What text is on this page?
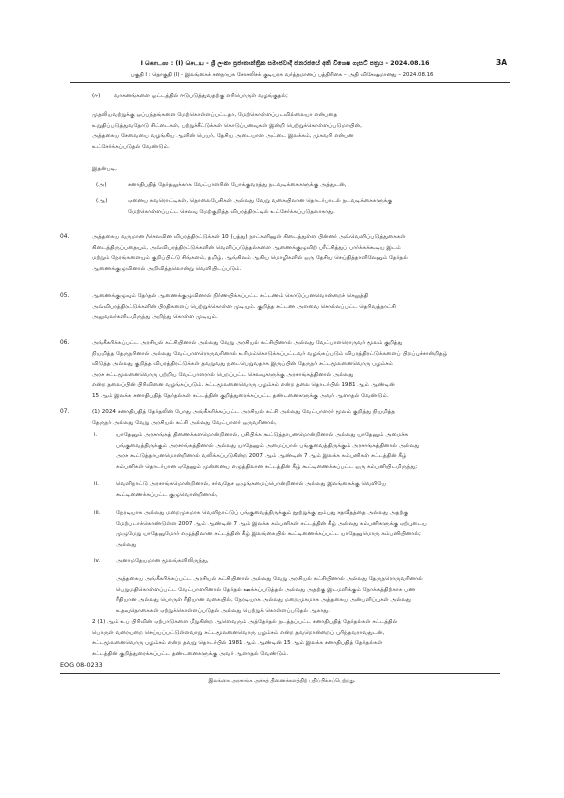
I கொடஸ : (I) செடய - ශ්‍රී ලංකා ප්‍රජාතාන්ත්‍රික සමාජවාදී ජනරජයේ අති විශෙෂ ගැසට් පත්‍රය - 2024.08.16	3A
பகுதி I : தொகுதி (I) - இலங்கைச் சனநாயக சோசலிசக் குடியரசு வர்த்தமானப் பத்திரிகை – அதி விசேஷமானது – 2024.08.16
(ஈ) வாகனங்களை ஓட்டத்தில் ஈடுபடுத்துவதற்கு எரிபொருள் வழங்குதல்;
முதலியவற்றுக்கு ஒப்பந்தங்களை மேற்கொள்ளப்பட்டதா, மேற்கொள்ளப்படவில்லையா என்பதை
உறுதிப்படுத்துவதோடு சிட்டைகள், பற்றுச்சீட்டுக்கள் கொடுப்பனவுகள் இன்றி பெற்றுக்கொள்ளப்படுமாயின்,
அத்தகைய சேவையை வழங்கிய ஆளின் பெயர், தேசிய அடையாள அட்டை இலக்கம், முகவரி என்பன
உட்சேர்க்கப்படுதல் வேண்டும்.
இதன்படி,
(அ)	சனாதிபதித் தேர்தலுக்காக வேட்பாளரின் போக்குவரத்து நடவடிக்கைகளுக்கு அத்துடன்,
(ஆ)	ஏனைய சுவரொட்டிகள், தொலைபேசிகள் அல்லது வேறு வகையிலான தொடர்பாடல் நடவடிக்கைகளுக்கு
மேற்கொள்ளப்பட்ட செலவு மேற்குறித்த விபரத்திரட்டில் உட்சேர்க்கப்படுதலாகாது.
04.	அத்தகைய வருமான /செலவின விபரத்திரட்டுக்கள் 10 (பத்து) நாட்களினுள் கிடைத்துள்ள பின்னர் அவ்வெளிப்படுத்துகைகள்
கிடைத்திருப்பதையும், அவ்விபரத்திரட்டுக்களின் வெளிப்படுத்தல்களை ஆணைக்குழுவிற் பரீட்சித்துப் பார்க்கக்கூடிய இடம்
மற்றும் நேரங்களையும் குறிப்பிட்டு சிங்களம், தமிழ், ஆங்கிலம் ஆகிய மொழிகளில் ஒரு தேசிய செய்தித்தாளிலேனும் தேர்தல்
ஆணைக்குழுவினால் அறிவித்தலொன்று வெளியிடப்படும்.
05.	ஆணைக்குழுவும் தேர்தல் ஆணைக்குழுவினால் நிர்ணயிக்கப்பட்ட சட்டணம் கொடுப்பனவொன்றைச் செலுத்தி
அவ்விபரத்திரட்டுக்களின் பிரதிகளைப் பெற்றுக்கொள்ள முடியும். குறித்த சட்டண அளவை சொல்லப்பட்ட தெரிவத்தாட்சி
அலுவலர்களிடமிருந்து அறிந்து கொள்ள முடியும்.
06.	அங்கீகரிக்கப்பட்ட அரசியல் கட்சியினால் அல்லது வேறு அரசியல் கட்சியினால் அல்லது வேட்பாளரொருவர் மூலம் குறித்து
நியமித்த தேருநரினால் அல்லது வேட்பாளரொருவரினால் உரிமம்கொடுக்கப்பட்டவர் வழங்கப்படும் விபரத்திரட்டுக்களைப் பிறப்புச்சான்றிதழ்
விடுத்த அல்லது குறித்த விபரத்திரட்டுக்கள் தவறுவது நடைபெறுவதாக இருப்பின் தேருநர் சட்டமூலனைவொரு பழம்சம்
அரச சட்டமூலனைவொரு பற்றிய வேட்பாளரால் பெறப்பட்ட செலவுகளுக்கு அரசாங்கத்தினால் அல்லது
என்ற தலைப்பின் பிரிவினை வழங்கப்படும். சட்டமூலனைவொரு பழம்சம் என்ற தலை தொடர்பில் 1981 ஆம் ஆண்டின்
15 ஆம் இலக்க சனாதிபதித் தேர்தல்கள் சட்டத்தின் குறித்துரைக்கப்பட்ட தண்டனைகளுக்கு அவர் ஆளாதல் வேண்டும்.
07.	(1) 2024 சனாதிபதித் தேர்தலின் போது அங்கீகரிக்கப்பட்ட அரசியல் கட்சி அல்லது வேட்பாளரர் மூலம் குறித்து நியமித்த
தேருநர் அல்லது வேறு அரசியல் கட்சி அல்லது வேட்பாளர் ஒருவரினால்,
i.	யாதேனும் அரசாங்கத் திணைக்களமொன்றினால், பசிபிக்க கூட்டுத்தாபனமொன்றினால் அல்லது யாதேனும் அமைச்சு
பங்குவைத்திருக்கும் அரசாங்கத்தினால் அல்லது யாதேனும் அமைப்பால் பங்குவைத்திருக்கும் அரசாங்கத்தினால் அல்லது
அரச கூட்டுத்தாபனமொன்றினால் வலிக்கப்படுகின்ற 2007 ஆம் ஆண்டின் 7 ஆம் இலக்க கம்பனிகள் சட்டத்தின் கீழ்
கம்பனிகள் தொடர்பான ஏதேனும் முன்னைய எழுத்திலான சட்டத்தின் கீழ் கூட்டிணைக்கப்பட்ட ஒரு கம்பனியிடமிருந்து;
ii.	வெளிநாட்டு அரசாங்கமொன்றினால், சர்வதேச ஒழுங்கமைப்பொன்றினால் அல்லது இலங்கைக்கு வெளியே
கூட்டிணைக்கப்பட்ட குழுவொன்றினால்,
iii.	நேரடியாக அல்லது மறைமுகமாக வெளிநாட்டுப் பங்குவைத்திருக்கும் நூற்றுக்கு ஐம்பது சதவீதத்தை அல்லது அதற்கு
மேற்படாக்கொண்டுள்ள 2007 ஆம் ஆண்டின் 7 ஆம் இலக்க கம்பனிகள் சட்டத்தின் கீழ் அல்லது கம்பனிகளுக்கு ஏற்புடைய
முழுமேறு யாதேனுமோர் எழுத்திலான சட்டத்தின் கீழ் இலங்கையில் கூட்டிணைக்கப்பட்ட யாதேனுமொரு கம்பனியினால்;
அல்லது
iv.	அனாமதேயமான மூலங்களிலிருந்து,
அத்தகைய அங்கீகரிக்கப்பட்ட அரசியல் கட்சியினால் அல்லது வேறு அரசியல் கட்சியினால் அல்லது தேருநரொருவரினால்
பெறுமதிகொள்ளப்பட்ட வேட்பாளரினால் தேர்தல் ஊக்கப்படுத்தல் அல்லது அதற்கு இடமளிக்கும் நோக்கத்திற்காக பண
ரீதியான அல்லது பொருள் ரீதியான வகையில், நேரடியாக அல்லது மறைமுகமாக அத்தகைய அன்பளிப்புகள் அல்லது
உதவுதொகைகள் ஏற்றுக்கொள்ளப்படுதல் அல்லது பெற்றுக் கொள்ளப்படுதல் ஆகாது.
2 (1) ஆம் உப பிரிவின் ஏற்பாடுகளை மீறுகின்ற ஆளெவரும் அத்தேர்தல் நடத்தப்பட்ட சனாதிபதித் தேர்தல்கள் சட்டத்தில்
பொருள் வரையறை செய்யப்பட்டுள்ளவாறு சட்டமூலனைவொரு பழம்சம் என்ற தவறொன்றைப் புரிந்தவராவதுடன்,
சட்டமூலனைவொரு பழம்சம் என்ற தவறு தொடர்பில் 1981 ஆம் ஆண்டின் 15 ஆம் இலக்க சனாதிபதித் தேர்தல்கள்
சட்டத்தின் குறித்துரைக்கப்பட்ட தண்டனைகளுக்கு அவர் ஆளாதல் வேண்டும்.
EOG 08-0233
இலங்கை அரசாங்க அச்சுத் திணைக்களத்திற் பதிப்பிக்கப்பெற்றது.
